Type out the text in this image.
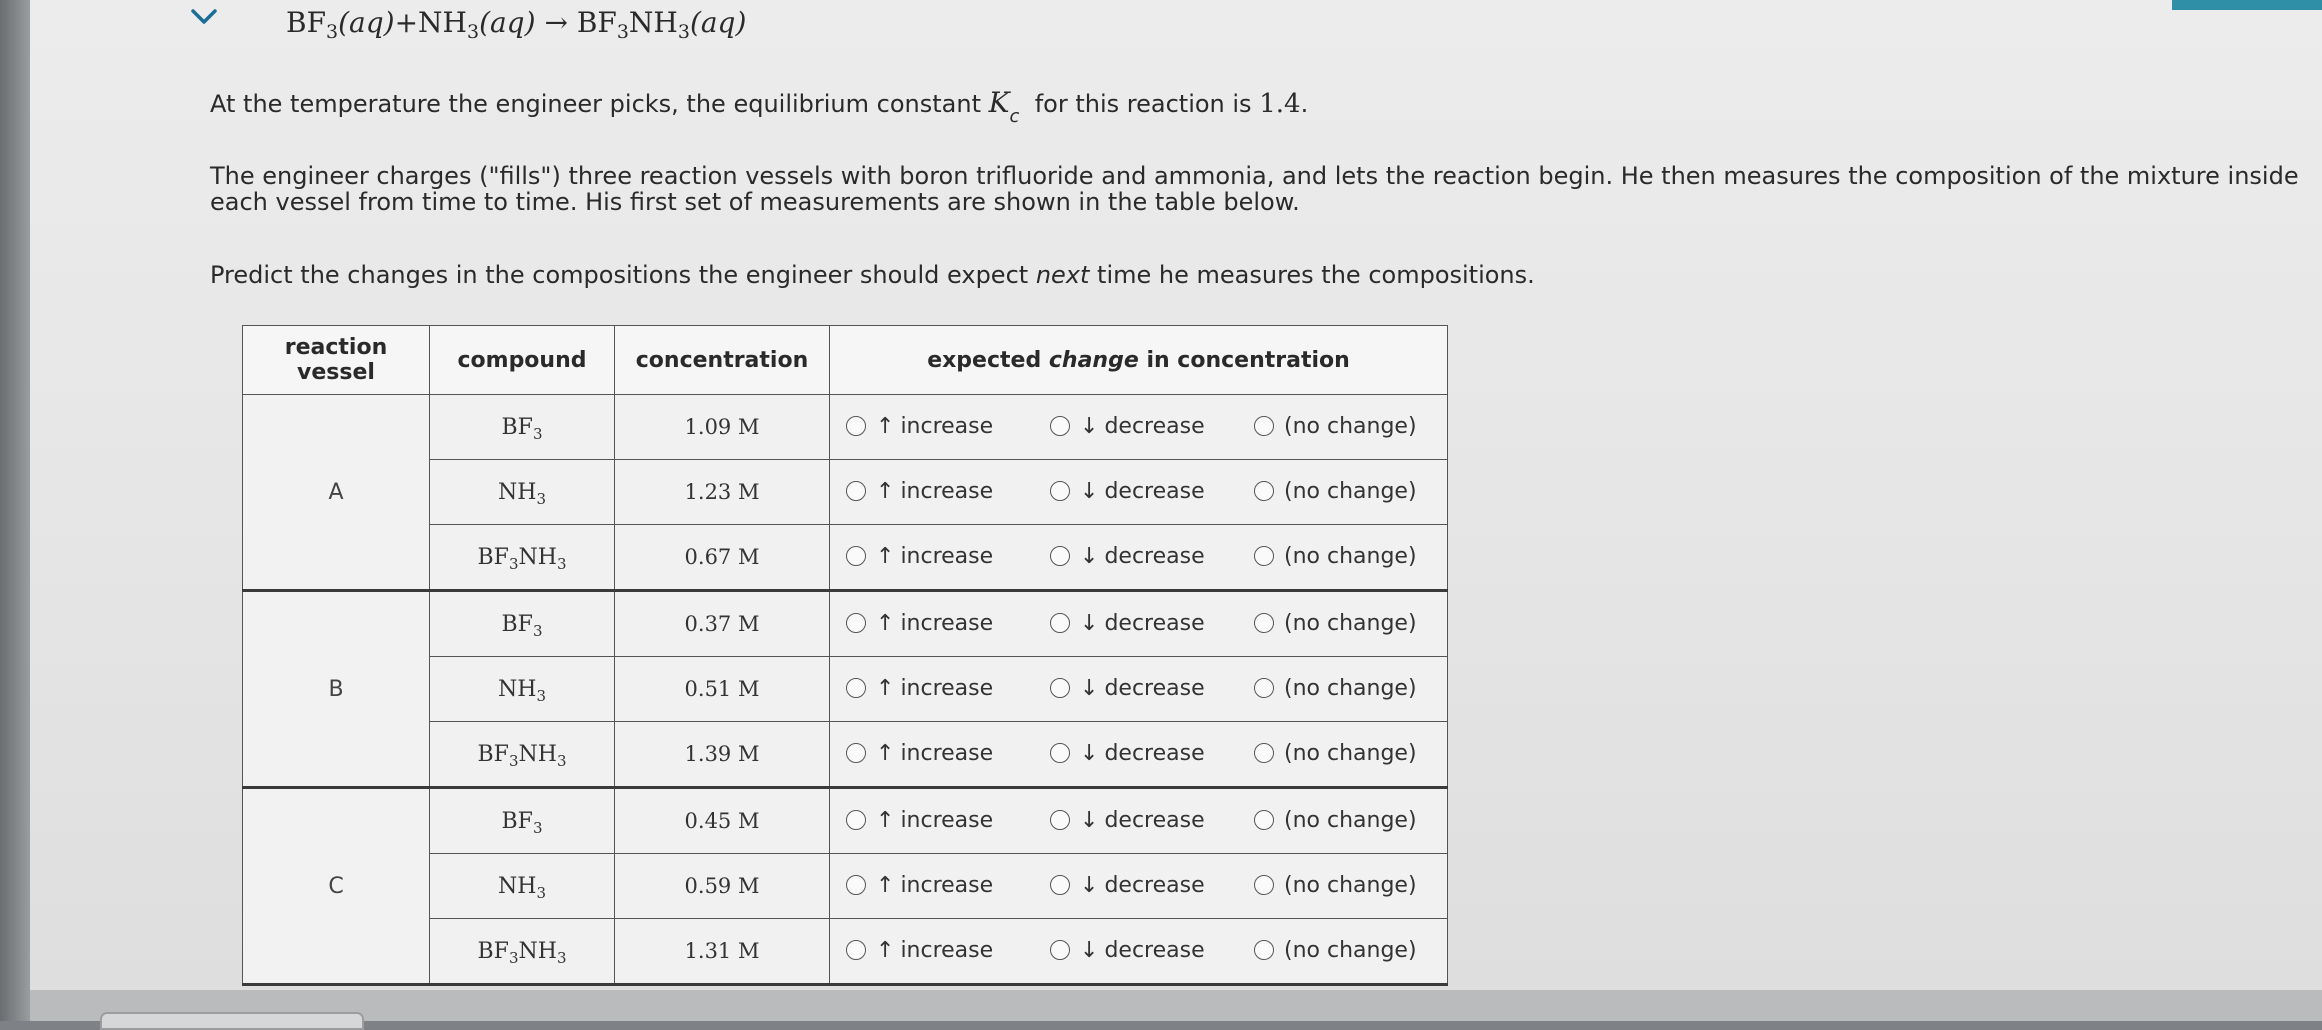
$BF_3(aq)+NH_3(aq) \to BF_3NH_3(aq)$
At the temperature the engineer picks, the equilibrium constant $K_c$ for this reaction is 1.4.
The engineer charges ("fills") three reaction vessels with boron trifluoride and ammonia, and lets the reaction begin. He then measures the composition of the mixture inside each vessel from time to time. His first set of measurements are shown in the table below.
Predict the changes in the compositions the engineer should expect next time he measures the compositions.
reaction
vessel	compound	concentration	expected change in concentration
A	$BF_3$	1.09 M	↑ increase ↓ decrease (no change)

	$NH_3$	1.23 M	↑ increase ↓ decrease (no change)

	$BF_3NH_3$	0.67 M	↑ increase ↓ decrease (no change)

B	$BF_3$	0.37 M	↑ increase ↓ decrease (no change)

	$NH_3$	0.51 M	↑ increase ↓ decrease (no change)

	$BF_3NH_3$	1.39 M	↑ increase ↓ decrease (no change)

C	$BF_3$	0.45 M	↑ increase ↓ decrease (no change)

	$NH_3$	0.59 M	↑ increase ↓ decrease (no change)

	$BF_3NH_3$	1.31 M	↑ increase ↓ decrease (no change)
